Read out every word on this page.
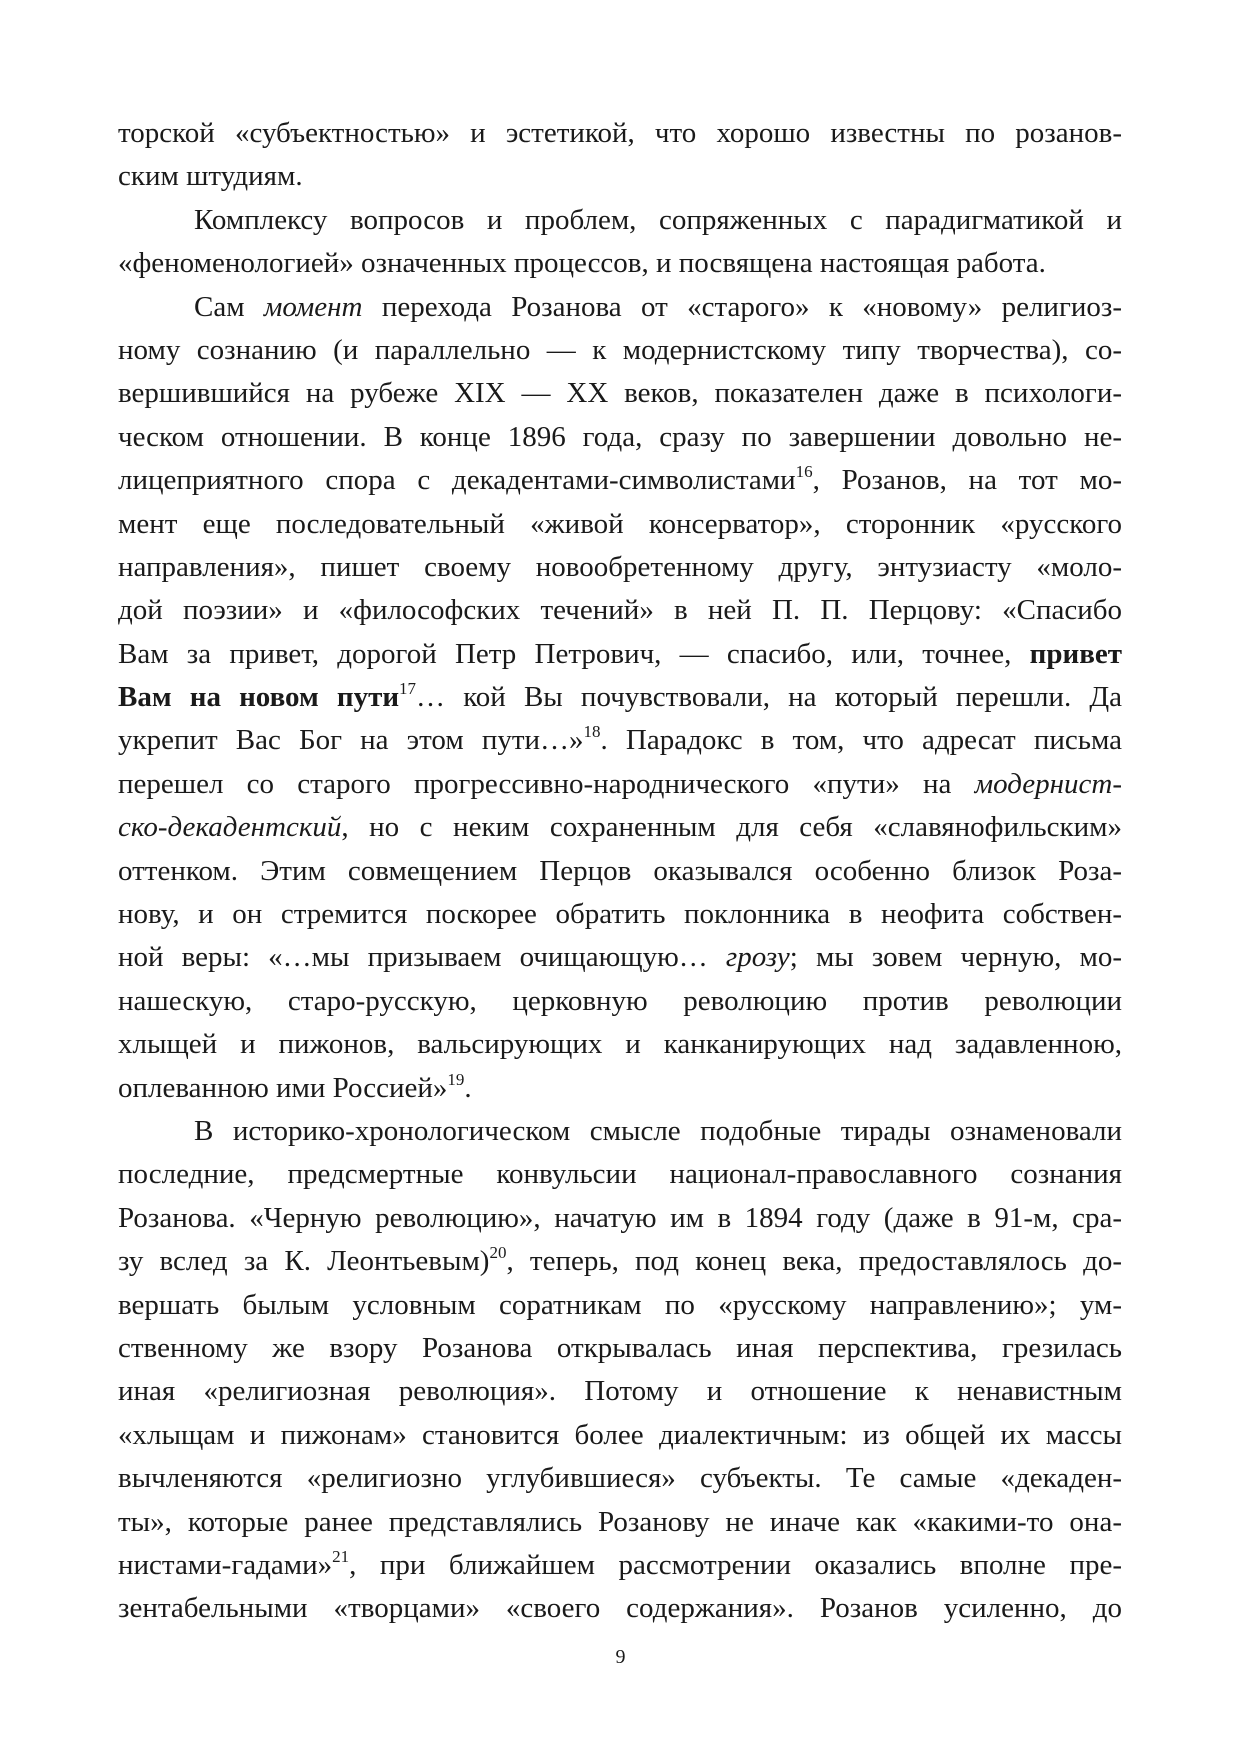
торской «субъектностью» и эстетикой, что хорошо известны по розанов-
ским штудиям.
Комплексу вопросов и проблем, сопряженных с парадигматикой и
«феноменологией» означенных процессов, и посвящена настоящая работа.
Сам момент перехода Розанова от «старого» к «новому» религиоз-
ному сознанию (и параллельно — к модернистскому типу творчества), со-
вершившийся на рубеже XIX — XX веков, показателен даже в психологи-
ческом отношении. В конце 1896 года, сразу по завершении довольно не-
лицеприятного спора с декадентами-символистами$^{16}$, Розанов, на тот мо-
мент еще последовательный «живой консерватор», сторонник «русского
направления», пишет своему новообретенному другу, энтузиасту «моло-
дой поэзии» и «философских течений» в ней П. П. Перцову: «Спасибо
Вам за привет, дорогой Петр Петрович, — спасибо, или, точнее, привет
Вам на новом пути$^{17}$… кой Вы почувствовали, на который перешли. Да
укрепит Вас Бог на этом пути…»$^{18}$. Парадокс в том, что адресат письма
перешел со старого прогрессивно-народнического «пути» на модернист-
ско-декадентский, но с неким сохраненным для себя «славянофильским»
оттенком. Этим совмещением Перцов оказывался особенно близок Роза-
нову, и он стремится поскорее обратить поклонника в неофита собствен-
ной веры: «…мы призываем очищающую… грозу; мы зовем черную, мо-
нашескую, старо-русскую, церковную революцию против революции
хлыщей и пижонов, вальсирующих и канканирующих над задавленною,
оплеванною ими Россией»$^{19}$.
В историко-хронологическом смысле подобные тирады ознаменовали
последние, предсмертные конвульсии национал-православного сознания
Розанова. «Черную революцию», начатую им в 1894 году (даже в 91-м, сра-
зу вслед за К. Леонтьевым)$^{20}$, теперь, под конец века, предоставлялось до-
вершать былым условным соратникам по «русскому направлению»; ум-
ственному же взору Розанова открывалась иная перспектива, грезилась
иная «религиозная революция». Потому и отношение к ненавистным
«хлыщам и пижонам» становится более диалектичным: из общей их массы
вычленяются «религиозно углубившиеся» субъекты. Те самые «декаден-
ты», которые ранее представлялись Розанову не иначе как «какими-то она-
нистами-гадами»$^{21}$, при ближайшем рассмотрении оказались вполне пре-
зентабельными «творцами» «своего содержания». Розанов усиленно, до
9
